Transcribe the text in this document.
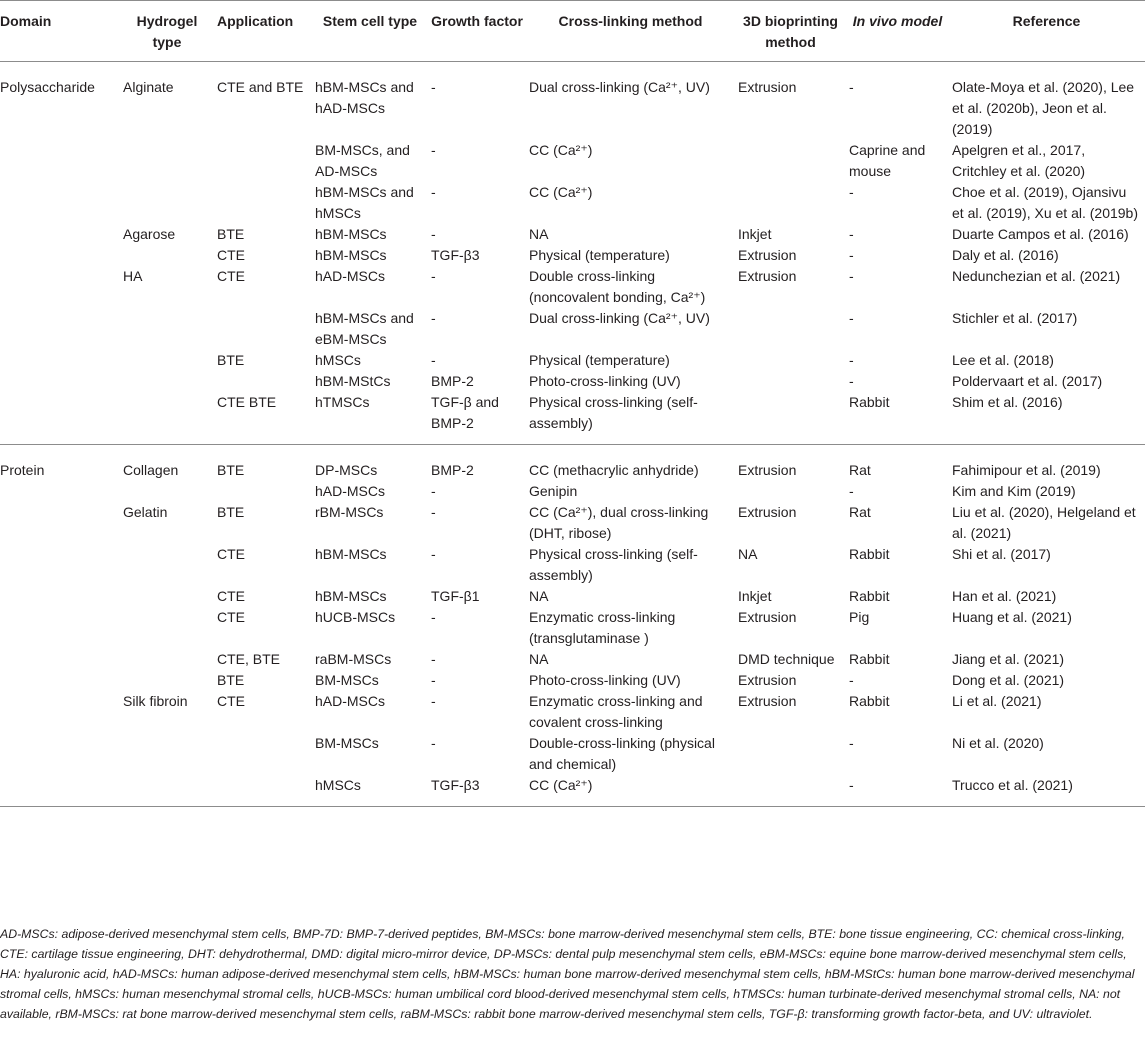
Domain	Hydrogel type	Application	Stem cell type	Growth factor	Cross-linking method	3D bioprinting method	In vivo model	Reference
Polysaccharide	Alginate	CTE and BTE	hBM-MSCs and hAD-MSCs	-	Dual cross-linking (Ca²⁺, UV)	Extrusion	-	Olate-Moya et al. (2020), Lee et al. (2020b), Jeon et al. (2019)
			BM-MSCs, and AD-MSCs	-	CC (Ca²⁺)		Caprine and mouse	Apelgren et al., 2017, Critchley et al. (2020)
			hBM-MSCs and hMSCs	-	CC (Ca²⁺)		-	Choe et al. (2019), Ojansivu et al. (2019), Xu et al. (2019b)
	Agarose	BTE	hBM-MSCs	-	NA	Inkjet	-	Duarte Campos et al. (2016)
		CTE	hBM-MSCs	TGF-β3	Physical (temperature)	Extrusion	-	Daly et al. (2016)
	HA	CTE	hAD-MSCs	-	Double cross-linking (noncovalent bonding, Ca²⁺)	Extrusion	-	Nedunchezian et al. (2021)
			hBM-MSCs and eBM-MSCs	-	Dual cross-linking (Ca²⁺, UV)		-	Stichler et al. (2017)
		BTE	hMSCs	-	Physical (temperature)		-	Lee et al. (2018)
			hBM-MStCs	BMP-2	Photo-cross-linking (UV)		-	Poldervaart et al. (2017)
		CTE BTE	hTMSCs	TGF-β and BMP-2	Physical cross-linking (self-assembly)		Rabbit	Shim et al. (2016)
Protein	Collagen	BTE	DP-MSCs	BMP-2	CC (methacrylic anhydride)	Extrusion	Rat	Fahimipour et al. (2019)
			hAD-MSCs	-	Genipin		-	Kim and Kim (2019)
	Gelatin	BTE	rBM-MSCs	-	CC (Ca²⁺), dual cross-linking (DHT, ribose)	Extrusion	Rat	Liu et al. (2020), Helgeland et al. (2021)
		CTE	hBM-MSCs	-	Physical cross-linking (self-assembly)	NA	Rabbit	Shi et al. (2017)
		CTE	hBM-MSCs	TGF-β1	NA	Inkjet	Rabbit	Han et al. (2021)
		CTE	hUCB-MSCs	-	Enzymatic cross-linking (transglutaminase )	Extrusion	Pig	Huang et al. (2021)
		CTE, BTE	raBM-MSCs	-	NA	DMD technique	Rabbit	Jiang et al. (2021)
		BTE	BM-MSCs	-	Photo-cross-linking (UV)	Extrusion	-	Dong et al. (2021)
	Silk fibroin	CTE	hAD-MSCs	-	Enzymatic cross-linking and covalent cross-linking	Extrusion	Rabbit	Li et al. (2021)
			BM-MSCs	-	Double-cross-linking (physical and chemical)		-	Ni et al. (2020)
			hMSCs	TGF-β3	CC (Ca²⁺)		-	Trucco et al. (2021)
AD-MSCs: adipose-derived mesenchymal stem cells, BMP-7D: BMP-7-derived peptides, BM-MSCs: bone marrow-derived mesenchymal stem cells, BTE: bone tissue engineering, CC: chemical cross-linking, CTE: cartilage tissue engineering, DHT: dehydrothermal, DMD: digital micro-mirror device, DP-MSCs: dental pulp mesenchymal stem cells, eBM-MSCs: equine bone marrow-derived mesenchymal stem cells, HA: hyaluronic acid, hAD-MSCs: human adipose-derived mesenchymal stem cells, hBM-MSCs: human bone marrow-derived mesenchymal stem cells, hBM-MStCs: human bone marrow-derived mesenchymal stromal cells, hMSCs: human mesenchymal stromal cells, hUCB-MSCs: human umbilical cord blood-derived mesenchymal stem cells, hTMSCs: human turbinate-derived mesenchymal stromal cells, NA: not available, rBM-MSCs: rat bone marrow-derived mesenchymal stem cells, raBM-MSCs: rabbit bone marrow-derived mesenchymal stem cells, TGF-β: transforming growth factor-beta, and UV: ultraviolet.
